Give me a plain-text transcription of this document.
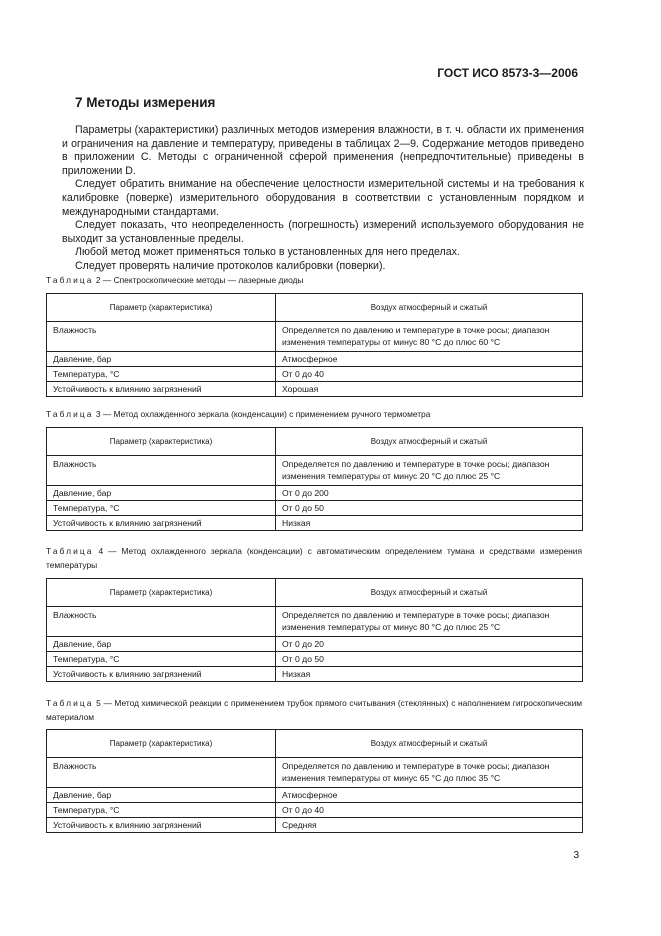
ГОСТ ИСО 8573-3—2006
7 Методы измерения

Параметры (характеристики) различных методов измерения влажности, в т. ч. области их применения и ограничения на давление и температуру, приведены в таблицах 2—9. Содержание методов приведено в приложении C. Методы с ограниченной сферой применения (непредпочтительные) приведены в приложении D.

Следует обратить внимание на обеспечение целостности измерительной системы и на требования к калибровке (поверке) измерительного оборудования в соответствии с установленным порядком и международными стандартами.

Следует показать, что неопределенность (погрешность) измерений используемого оборудования не выходит за установленные пределы.

Любой метод может применяться только в установленных для него пределах.

Следует проверять наличие протоколов калибровки (поверки).

Таблица 2 — Спектроскопические методы — лазерные диоды
Параметр (характеристика)	Воздух атмосферный и сжатый
Влажность	Определяется по давлению и температуре в точке росы; диапазон изменения температуры от минус 80 °С до плюс 60 °С
Давление, бар	Атмосферное
Температура, °С	От 0 до 40
Устойчивость к влиянию загрязнений	Хорошая
Таблица 3 — Метод охлажденного зеркала (конденсации) с применением ручного термометра
Параметр (характеристика)	Воздух атмосферный и сжатый
Влажность	Определяется по давлению и температуре в точке росы; диапазон изменения температуры от минус 20 °С до плюс 25 °С
Давление, бар	От 0 до 200
Температура, °С	От 0 до 50
Устойчивость к влиянию загрязнений	Низкая
Таблица 4 — Метод охлажденного зеркала (конденсации) с автоматическим определением тумана и средствами измерения температуры
Параметр (характеристика)	Воздух атмосферный и сжатый
Влажность	Определяется по давлению и температуре в точке росы; диапазон изменения температуры от минус 80 °С до плюс 25 °С
Давление, бар	От 0 до 20
Температура, °С	От 0 до 50
Устойчивость к влиянию загрязнений	Низкая
Таблица 5 — Метод химической реакции с применением трубок прямого считывания (стеклянных) с наполнением гигроскопическим материалом
Параметр (характеристика)	Воздух атмосферный и сжатый
Влажность	Определяется по давлению и температуре в точке росы; диапазон изменения температуры от минус 65 °С до плюс 35 °С
Давление, бар	Атмосферное
Температура, °С	От 0 до 40
Устойчивость к влиянию загрязнений	Средняя
3
